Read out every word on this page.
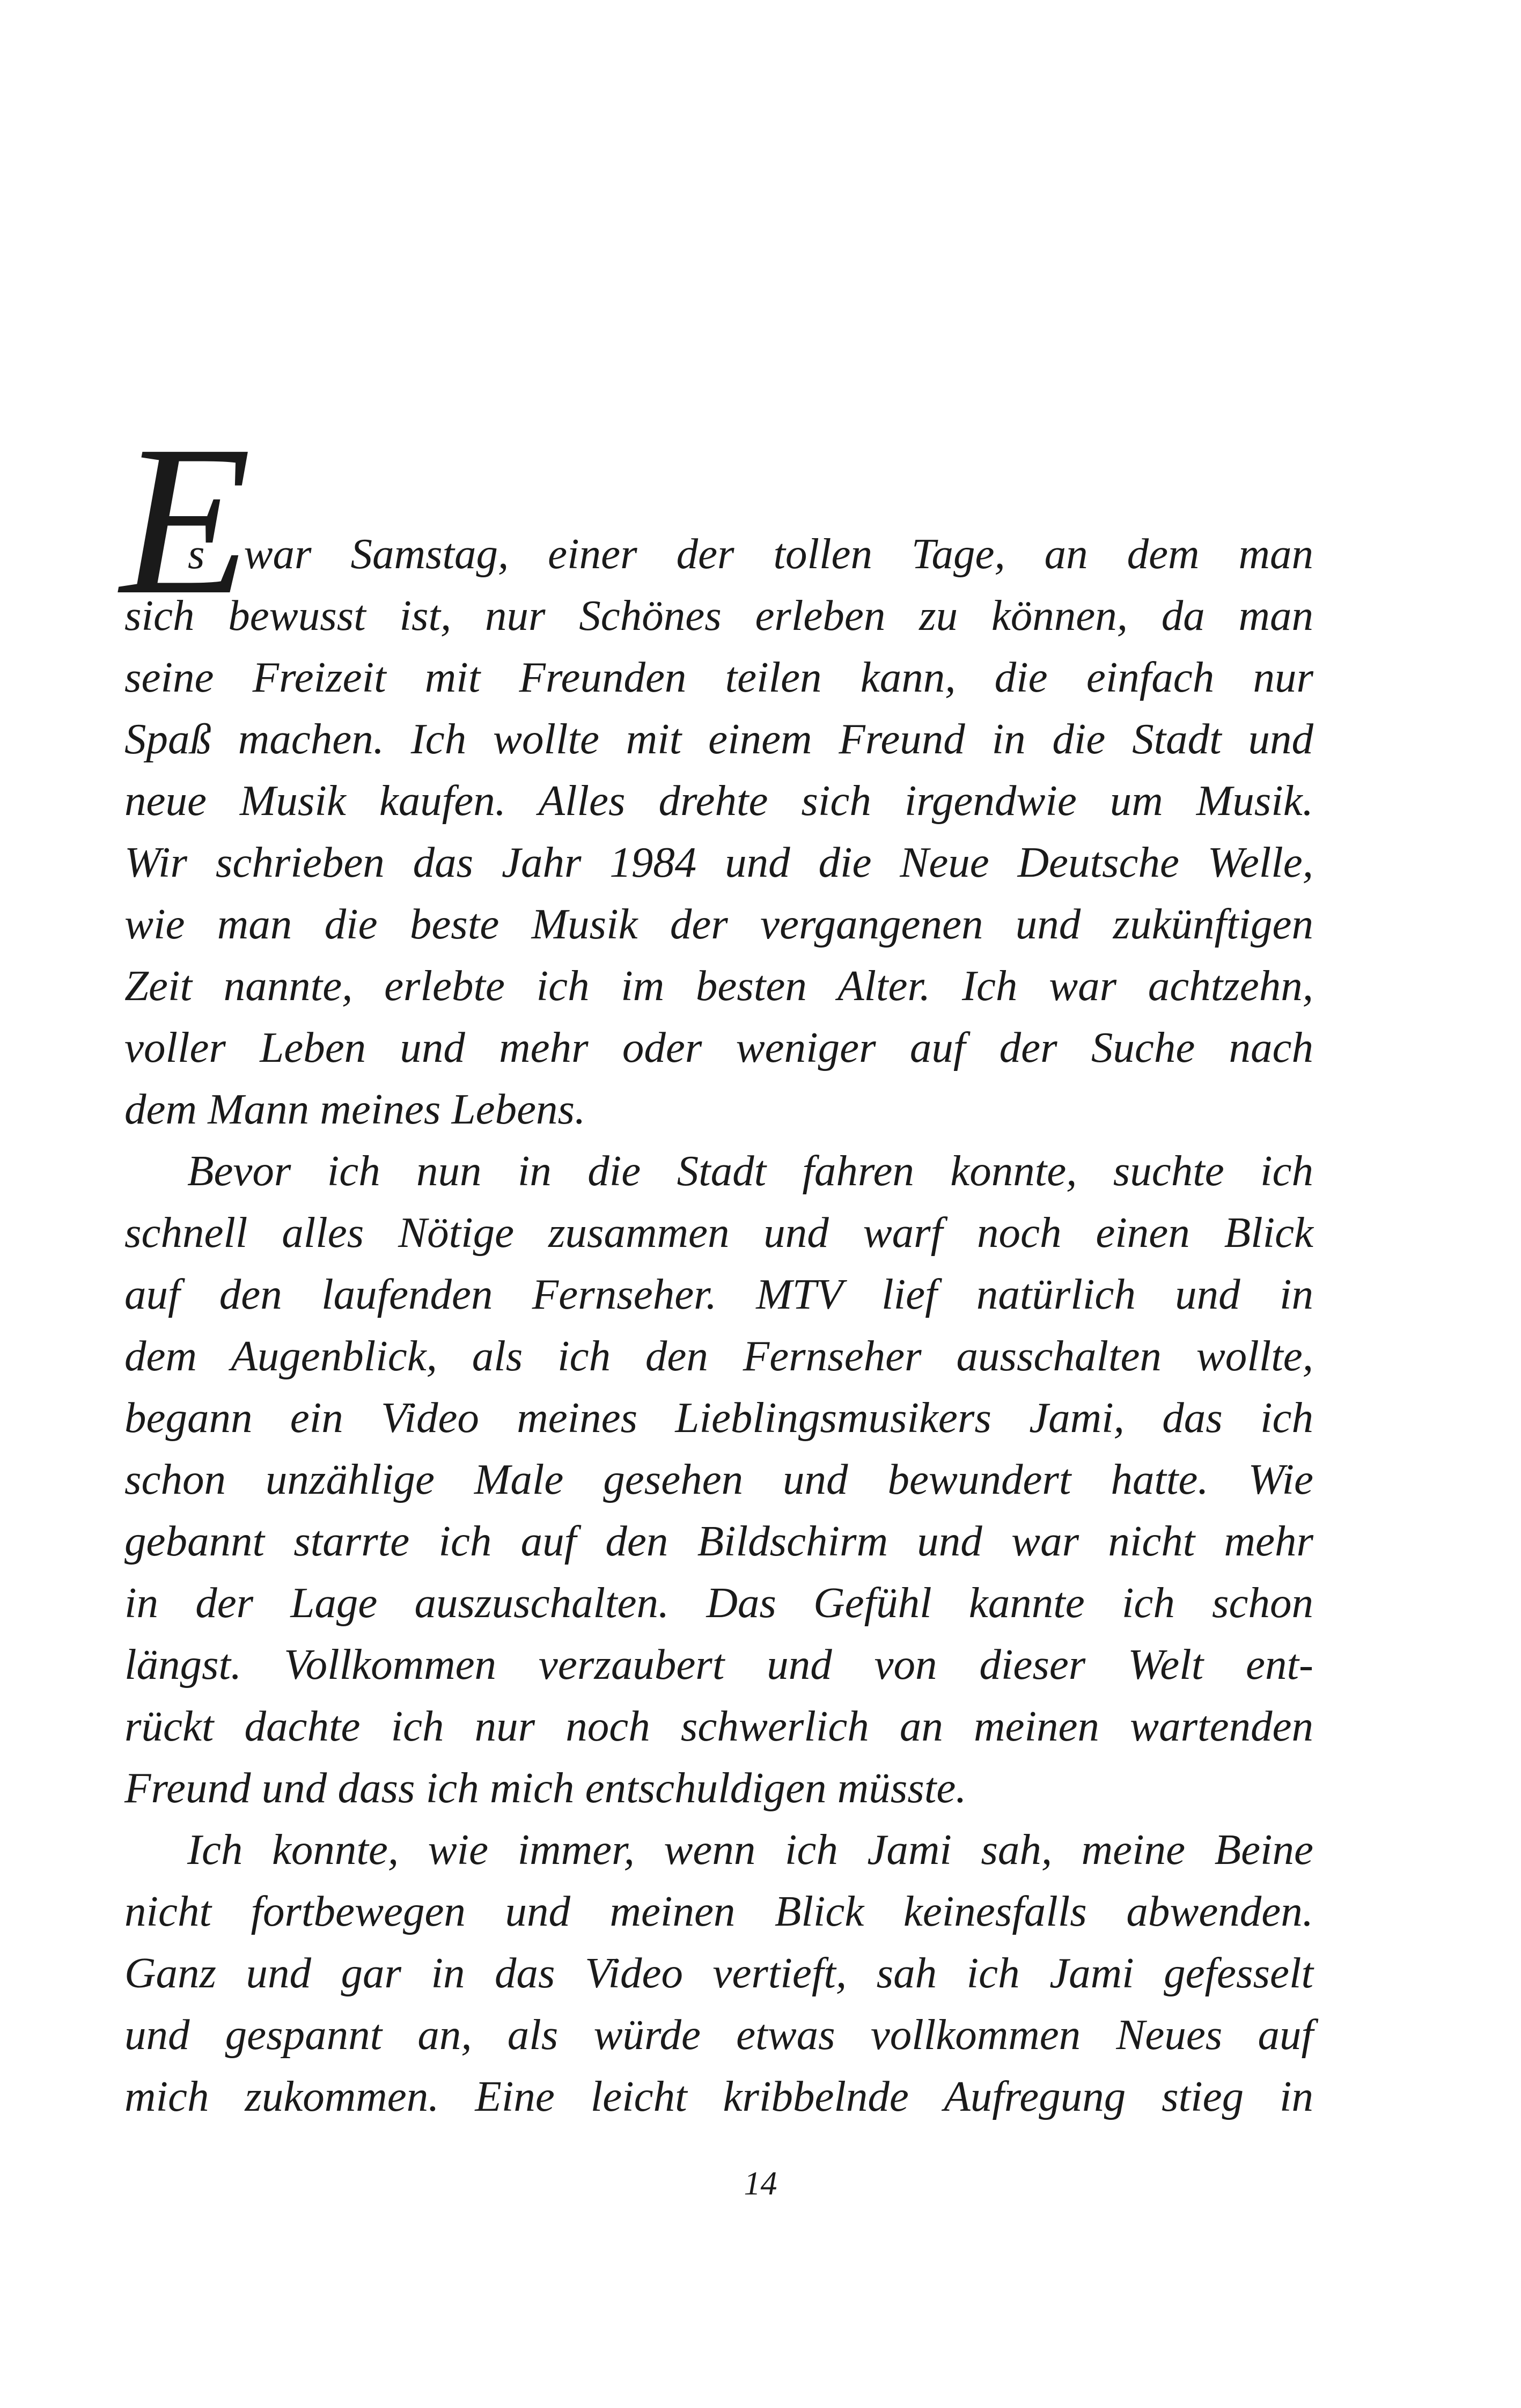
E
s war Samstag, einer der tollen Tage, an dem man
sich bewusst ist, nur Schönes erleben zu können, da man
seine Freizeit mit Freunden teilen kann, die einfach nur
Spaß machen. Ich wollte mit einem Freund in die Stadt und
neue Musik kaufen. Alles drehte sich irgendwie um Musik.
Wir schrieben das Jahr 1984 und die Neue Deutsche Welle,
wie man die beste Musik der vergangenen und zukünftigen
Zeit nannte, erlebte ich im besten Alter. Ich war achtzehn,
voller Leben und mehr oder weniger auf der Suche nach
dem Mann meines Lebens.
Bevor ich nun in die Stadt fahren konnte, suchte ich
schnell alles Nötige zusammen und warf noch einen Blick
auf den laufenden Fernseher. MTV lief natürlich und in
dem Augenblick, als ich den Fernseher ausschalten wollte,
begann ein Video meines Lieblingsmusikers Jami, das ich
schon unzählige Male gesehen und bewundert hatte. Wie
gebannt starrte ich auf den Bildschirm und war nicht mehr
in der Lage auszuschalten. Das Gefühl kannte ich schon
längst. Vollkommen verzaubert und von dieser Welt ent-
rückt dachte ich nur noch schwerlich an meinen wartenden
Freund und dass ich mich entschuldigen müsste.
Ich konnte, wie immer, wenn ich Jami sah, meine Beine
nicht fortbewegen und meinen Blick keinesfalls abwenden.
Ganz und gar in das Video vertieft, sah ich Jami gefesselt
und gespannt an, als würde etwas vollkommen Neues auf
mich zukommen. Eine leicht kribbelnde Aufregung stieg in
14
